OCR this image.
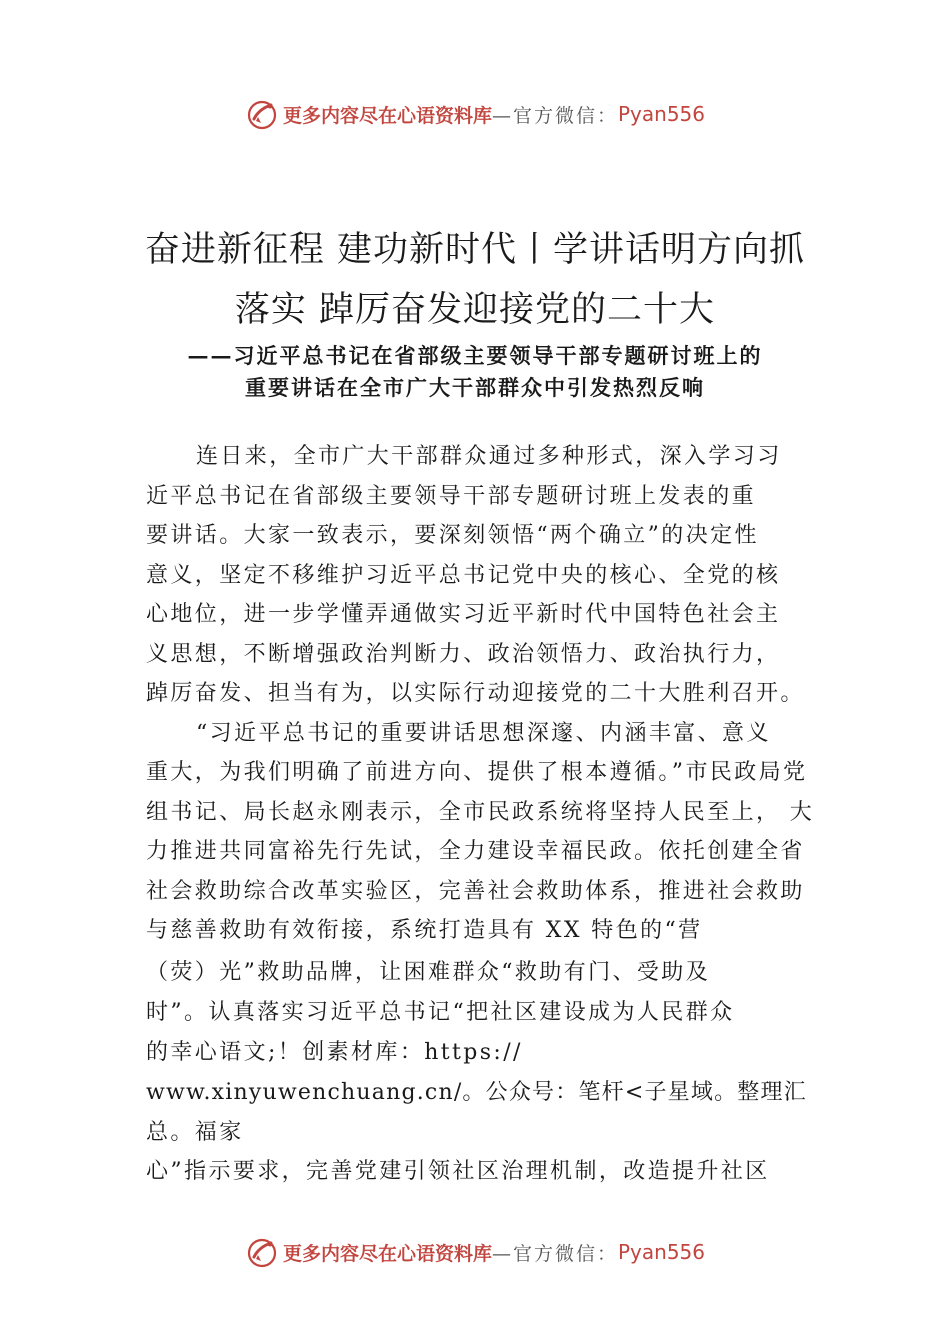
更多内容尽在心语资料库 —官方微信： Pyan556
奋进新征程 建功新时代丨学讲话明方向抓
落实 踔厉奋发迎接党的二十大
——习近平总书记在省部级主要领导干部专题研讨班上的
重要讲话在全市广大干部群众中引发热烈反响
连日来，全市广大干部群众通过多种形式，深入学习习
近平总书记在省部级主要领导干部专题研讨班上发表的重
要讲话。大家一致表示，要深刻领悟“两个确立”的决定性
意义，坚定不移维护习近平总书记党中央的核心、全党的核
心地位，进一步学懂弄通做实习近平新时代中国特色社会主
义思想，不断增强政治判断力、政治领悟力、政治执行力，
踔厉奋发、担当有为，以实际行动迎接党的二十大胜利召开。
“习近平总书记的重要讲话思想深邃、内涵丰富、意义
重大，为我们明确了前进方向、提供了根本遵循。”市民政局党
组书记、局长赵永刚表示，全市民政系统将坚持人民至上， 大
力推进共同富裕先行先试，全力建设幸福民政。依托创建全省
社会救助综合改革实验区，完善社会救助体系，推进社会救助
与慈善救助有效衔接，系统打造具有 XX 特色的“营
（荧）光”救助品牌，让困难群众“救助有门、受助及
时”。认真落实习近平总书记“把社区建设成为人民群众
的幸心语文;！创素材库：https://
www.xinyuwenchuang.cn/。公众号：笔杆<子星域。整理汇
总。福家
心”指示要求，完善党建引领社区治理机制，改造提升社区
更多内容尽在心语资料库 —官方微信： Pyan556
